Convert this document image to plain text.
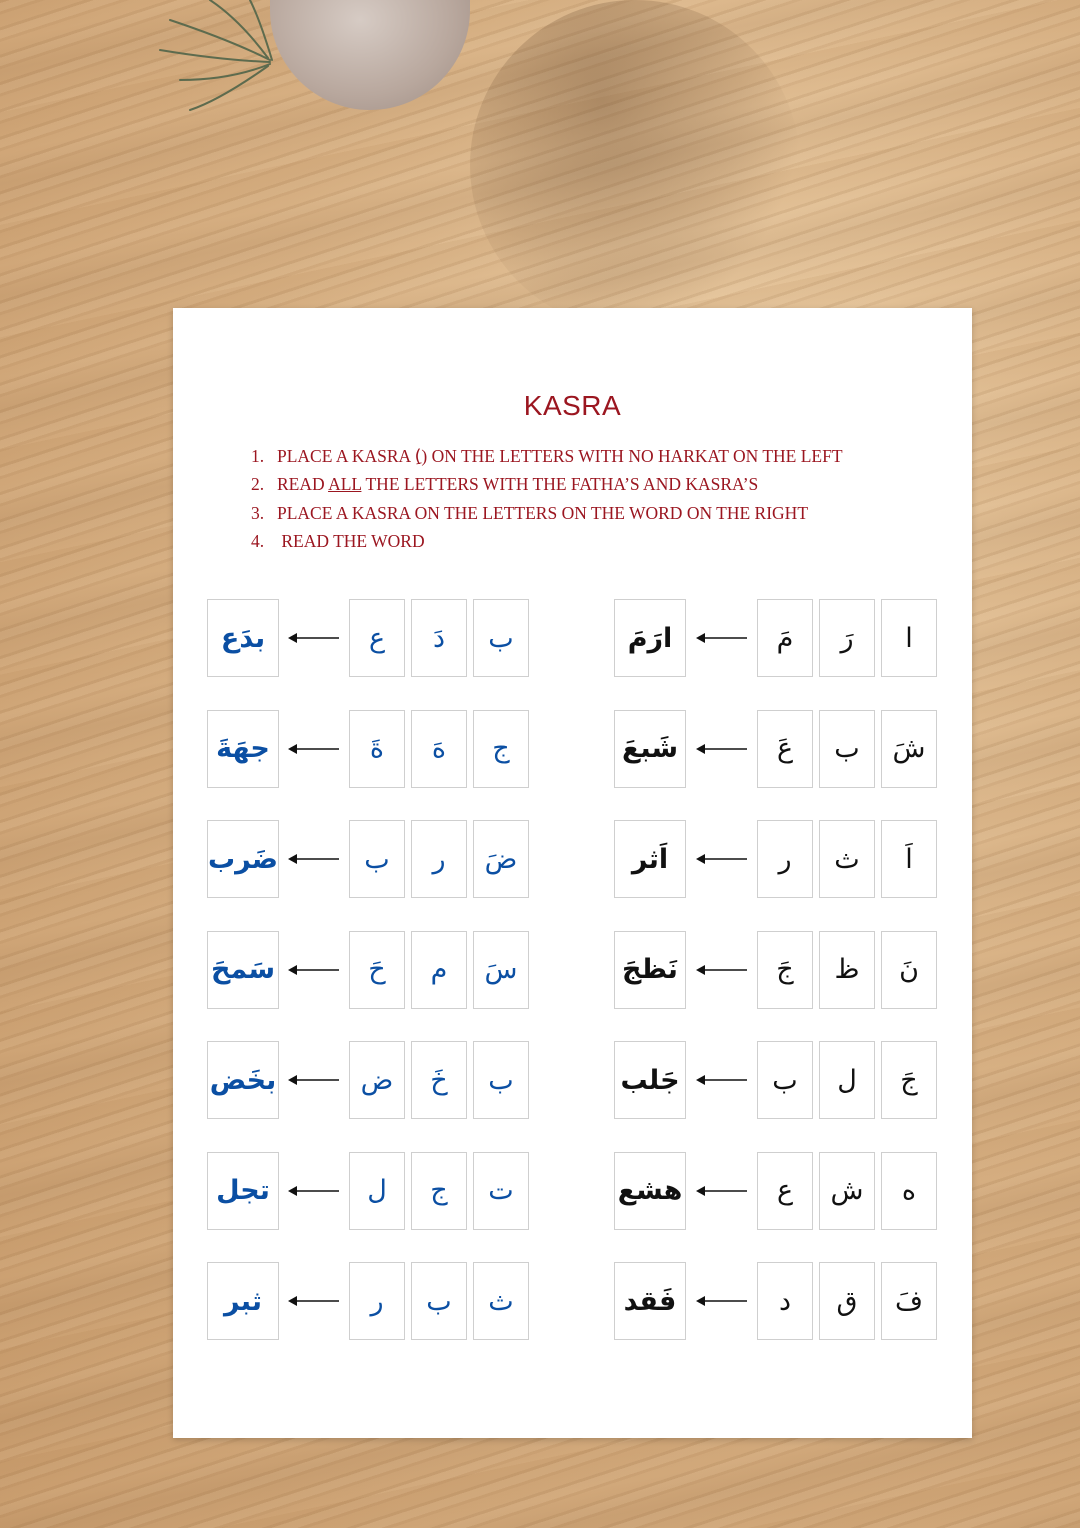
KASRA
1. PLACE A KASRA (ِ) ON THE LETTERS WITH NO HARKAT ON THE LEFT
2. READ ALL THE LETTERS WITH THE FATHA’S AND KASRA’S
3. PLACE A KASRA ON THE LETTERS ON THE WORD ON THE RIGHT
4. READ THE WORD
ب
دَ
ع
بدَع
ج
هَ
ةَ
جهَةَ
ضَ
ر
ب
ضَرب
سَ
م
حَ
سَمحَ
ب
خَ
ض
بخَض
ت
ج
ل
تجل
ث
ب
ر
ثبر
ا
رَ
مَ
ارَمَ
شَ
ب
عَ
شَبعَ
اَ
ث
ر
اَثر
نَ
ظ
جَ
نَظجَ
جَ
ل
ب
جَلب
ه
ش
ع
هشع
فَ
ق
د
فَقد
